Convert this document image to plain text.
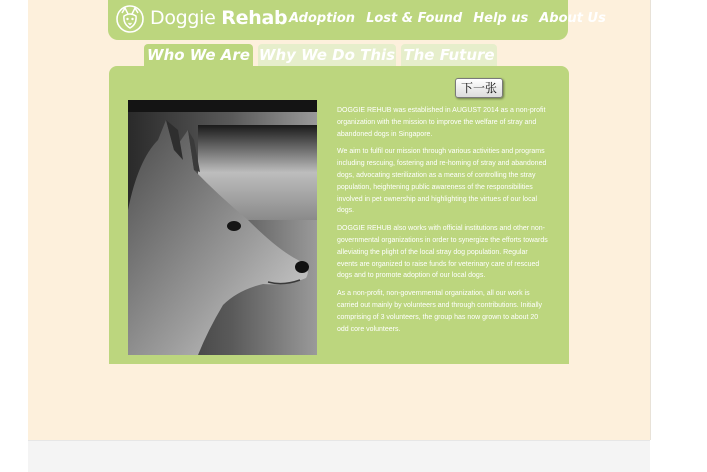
Doggie Rehab Adoption Lost & Found Help us About Us
Who We Are Why We Do This The Future
下一张

DOGGIE REHUB was established in AUGUST 2014 as a non-profit organization with the mission to improve the welfare of stray and abandoned dogs in Singapore.

We aim to fulfil our mission through various activities and programs including rescuing, fostering and re-homing of stray and abandoned dogs, advocating sterilization as a means of controlling the stray population, heightening public awareness of the responsibilities involved in pet ownership and highlighting the virtues of our local dogs.

DOGGIE REHUB also works with official institutions and other non-governmental organizations in order to synergize the efforts towards alleviating the plight of the local stray dog population. Regular events are organized to raise funds for veterinary care of rescued dogs and to promote adoption of our local dogs.

As a non-profit, non-governmental organization, all our work is carried out mainly by volunteers and through contributions. Initially comprising of 3 volunteers, the group has now grown to about 20 odd core volunteers.
